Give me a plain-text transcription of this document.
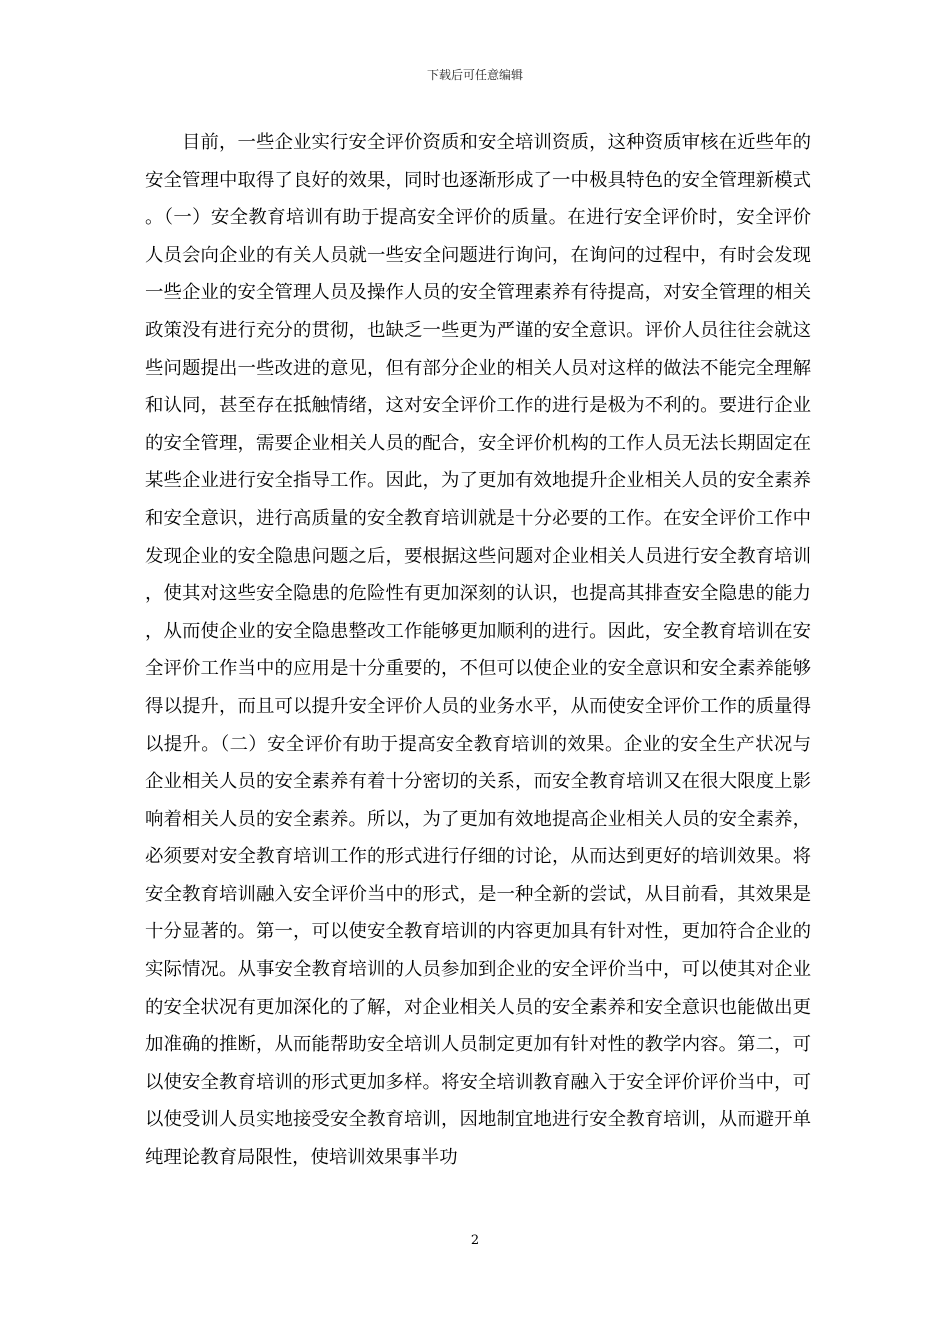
下载后可任意编辑

目前，一些企业实行安全评价资质和安全培训资质，这种资质审核在近些年的安全管理中取得了良好的效果，同时也逐渐形成了一中极具特色的安全管理新模式。（一）安全教育培训有助于提高安全评价的质量。在进行安全评价时，安全评价人员会向企业的有关人员就一些安全问题进行询问，在询问的过程中，有时会发现一些企业的安全管理人员及操作人员的安全管理素养有待提高，对安全管理的相关政策没有进行充分的贯彻，也缺乏一些更为严谨的安全意识。评价人员往往会就这些问题提出一些改进的意见，但有部分企业的相关人员对这样的做法不能完全理解和认同，甚至存在抵触情绪，这对安全评价工作的进行是极为不利的。要进行企业的安全管理，需要企业相关人员的配合，安全评价机构的工作人员无法长期固定在某些企业进行安全指导工作。因此，为了更加有效地提升企业相关人员的安全素养和安全意识，进行高质量的安全教育培训就是十分必要的工作。在安全评价工作中发现企业的安全隐患问题之后，要根据这些问题对企业相关人员进行安全教育培训，使其对这些安全隐患的危险性有更加深刻的认识，也提高其排查安全隐患的能力，从而使企业的安全隐患整改工作能够更加顺利的进行。因此，安全教育培训在安全评价工作当中的应用是十分重要的，不但可以使企业的安全意识和安全素养能够得以提升，而且可以提升安全评价人员的业务水平，从而使安全评价工作的质量得以提升。（二）安全评价有助于提高安全教育培训的效果。企业的安全生产状况与企业相关人员的安全素养有着十分密切的关系，而安全教育培训又在很大限度上影响着相关人员的安全素养。所以，为了更加有效地提高企业相关人员的安全素养，必须要对安全教育培训工作的形式进行仔细的讨论，从而达到更好的培训效果。将安全教育培训融入安全评价当中的形式，是一种全新的尝试，从目前看，其效果是十分显著的。第一，可以使安全教育培训的内容更加具有针对性，更加符合企业的实际情况。从事安全教育培训的人员参加到企业的安全评价当中，可以使其对企业的安全状况有更加深化的了解，对企业相关人员的安全素养和安全意识也能做出更加准确的推断，从而能帮助安全培训人员制定更加有针对性的教学内容。第二，可以使安全教育培训的形式更加多样。将安全培训教育融入于安全评价评价当中，可以使受训人员实地接受安全教育培训，因地制宜地进行安全教育培训，从而避开单纯理论教育局限性，使培训效果事半功

2
